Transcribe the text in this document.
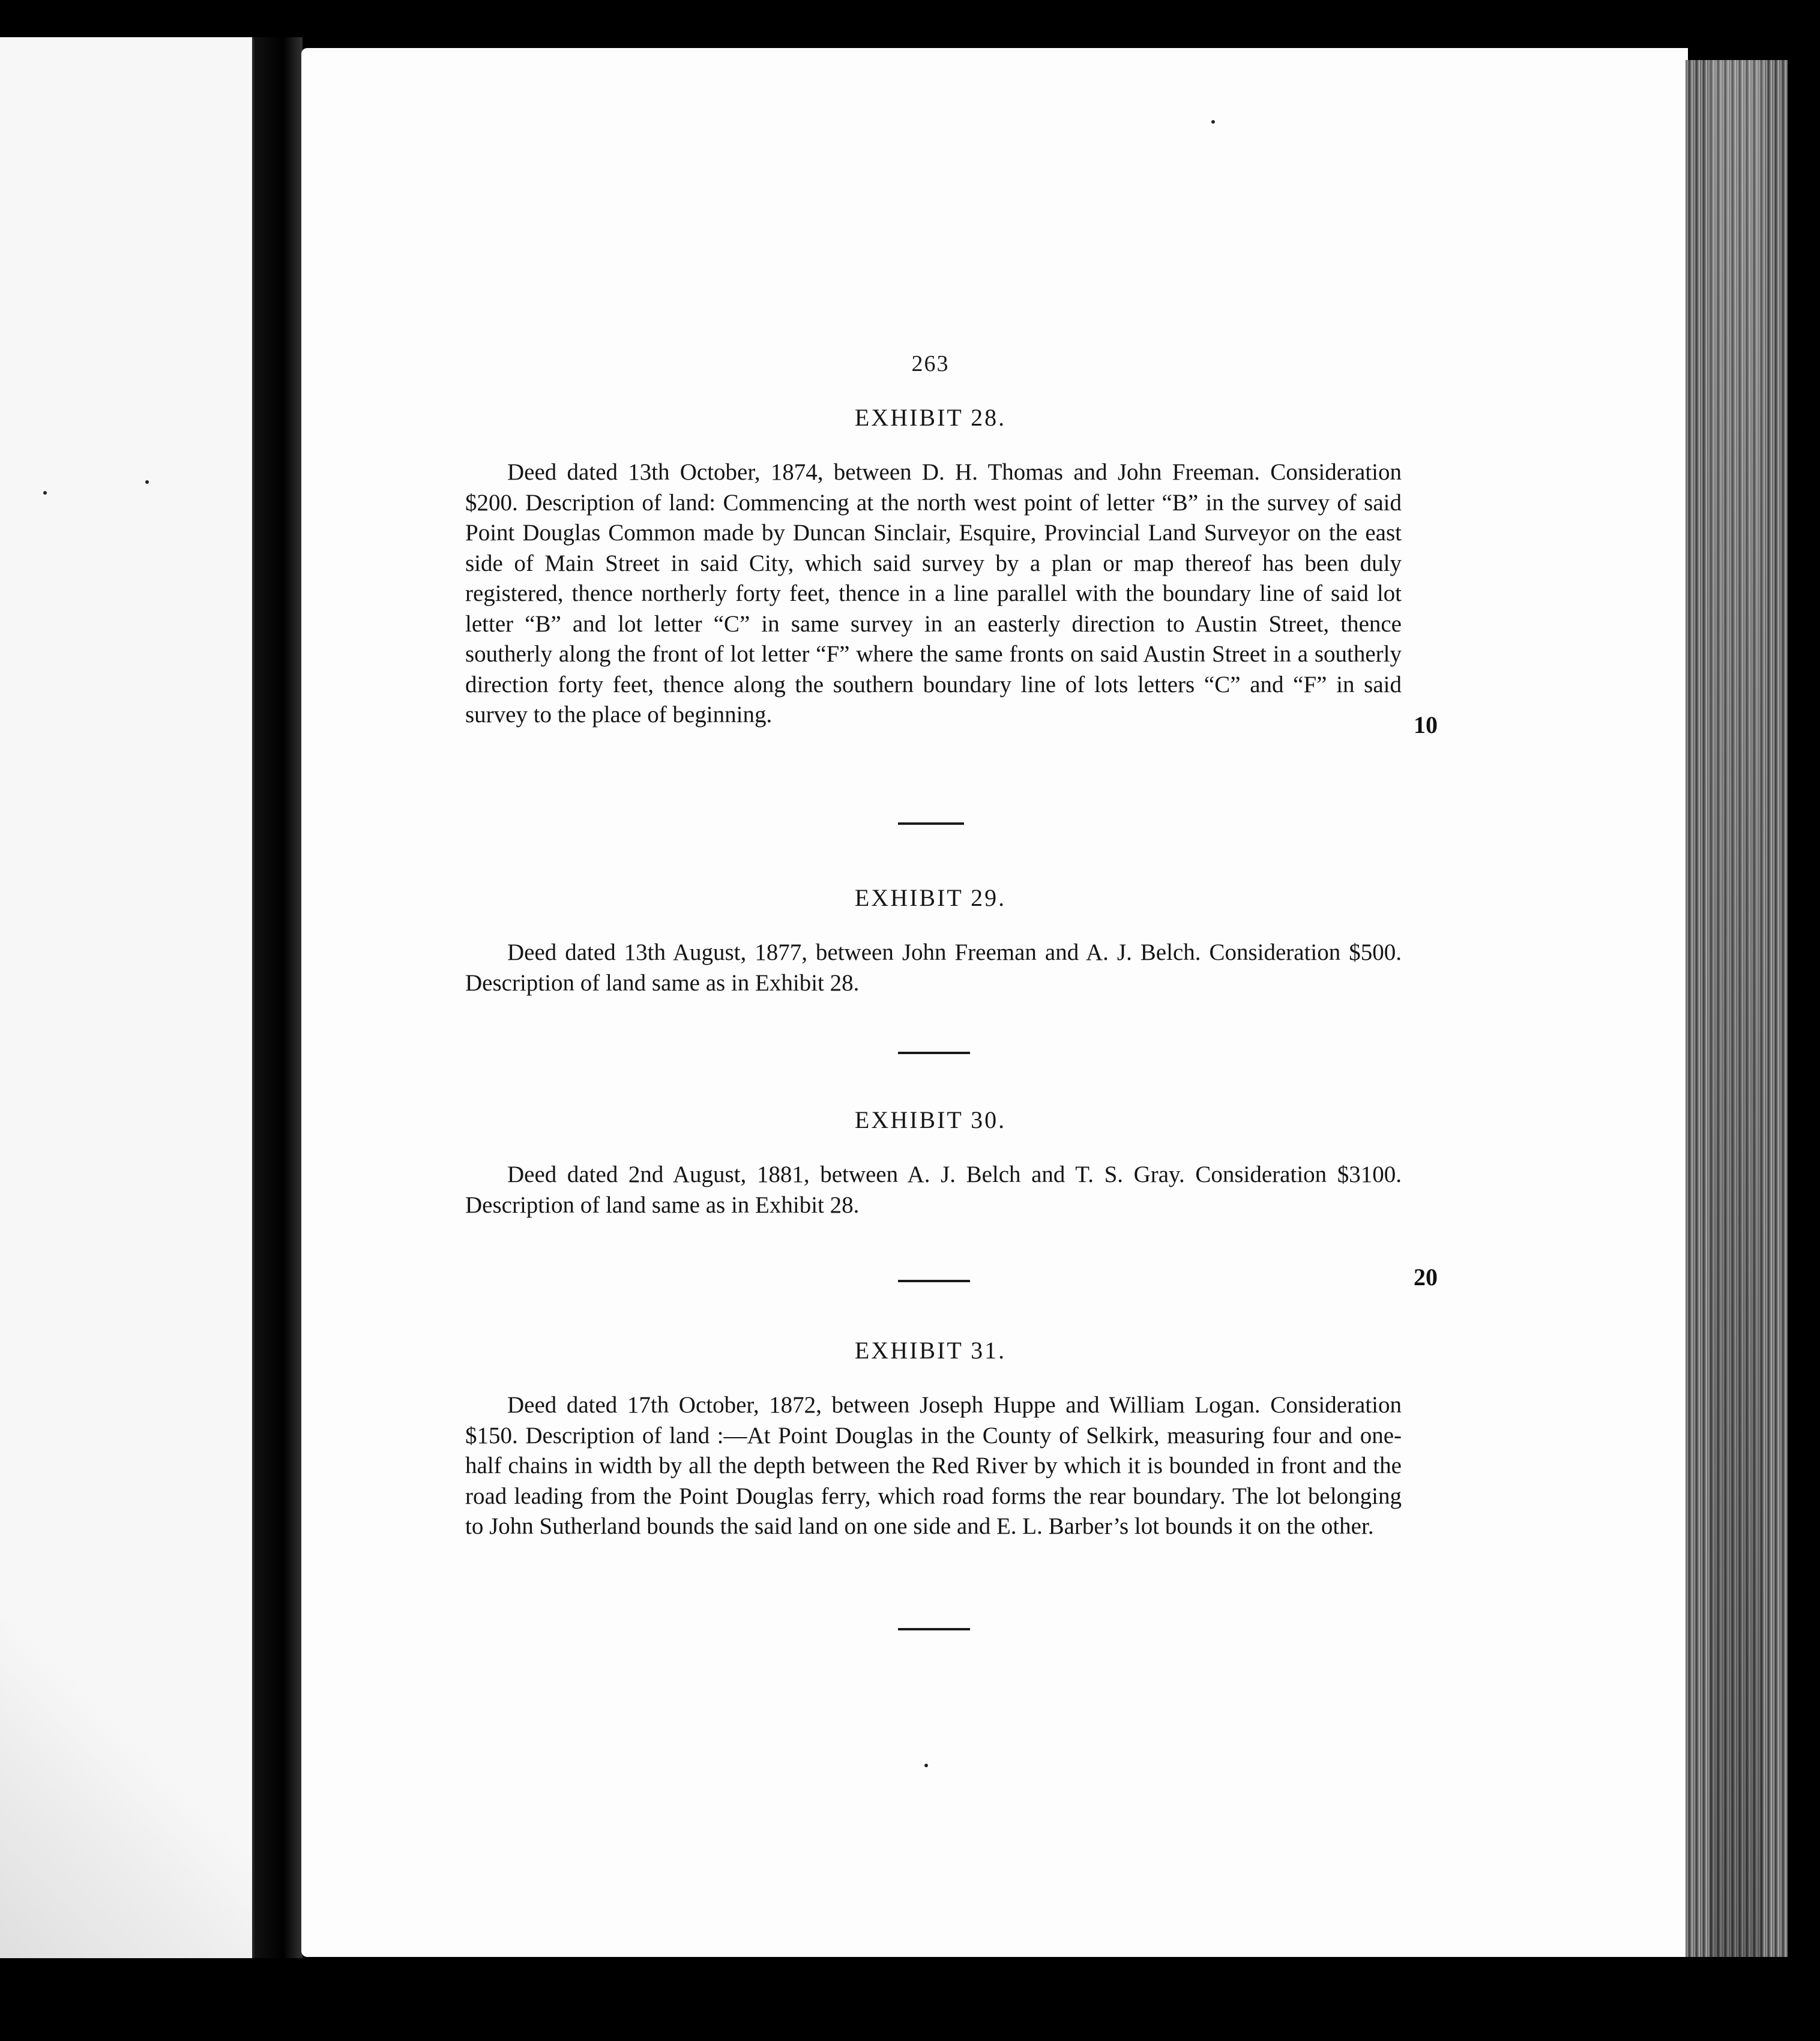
263
EXHIBIT 28.
Deed dated 13th October, 1874, between D. H. Thomas and John Freeman. Consideration $200. Description of land: Commencing at the north west point of letter “B” in the survey of said Point Douglas Common made by Duncan Sinclair, Esquire, Provincial Land Surveyor on the east side of Main Street in said City, which said survey by a plan or map thereof has been duly registered, thence northerly forty feet, thence in a line parallel with the boundary line of said lot letter “B” and lot letter “C” in same survey in an easterly direction to Austin Street, thence southerly along the front of lot letter “F” where the same fronts on said Austin Street in a southerly direction forty feet, thence along the southern boundary line of lots letters “C” and “F” in said survey to the place of beginning.	10
EXHIBIT 29.
Deed dated 13th August, 1877, between John Freeman and A. J. Belch. Consideration $500. Description of land same as in Exhibit 28.
EXHIBIT 30.
Deed dated 2nd August, 1881, between A. J. Belch and T. S. Gray. Consideration $3100. Description of land same as in Exhibit 28.
20
EXHIBIT 31.
Deed dated 17th October, 1872, between Joseph Huppe and William Logan. Consideration $150. Description of land :—At Point Douglas in the County of Selkirk, measuring four and one-half chains in width by all the depth between the Red River by which it is bounded in front and the road leading from the Point Douglas ferry, which road forms the rear boundary. The lot belonging to John Sutherland bounds the said land on one side and E. L. Barber’s lot bounds it on the other.
